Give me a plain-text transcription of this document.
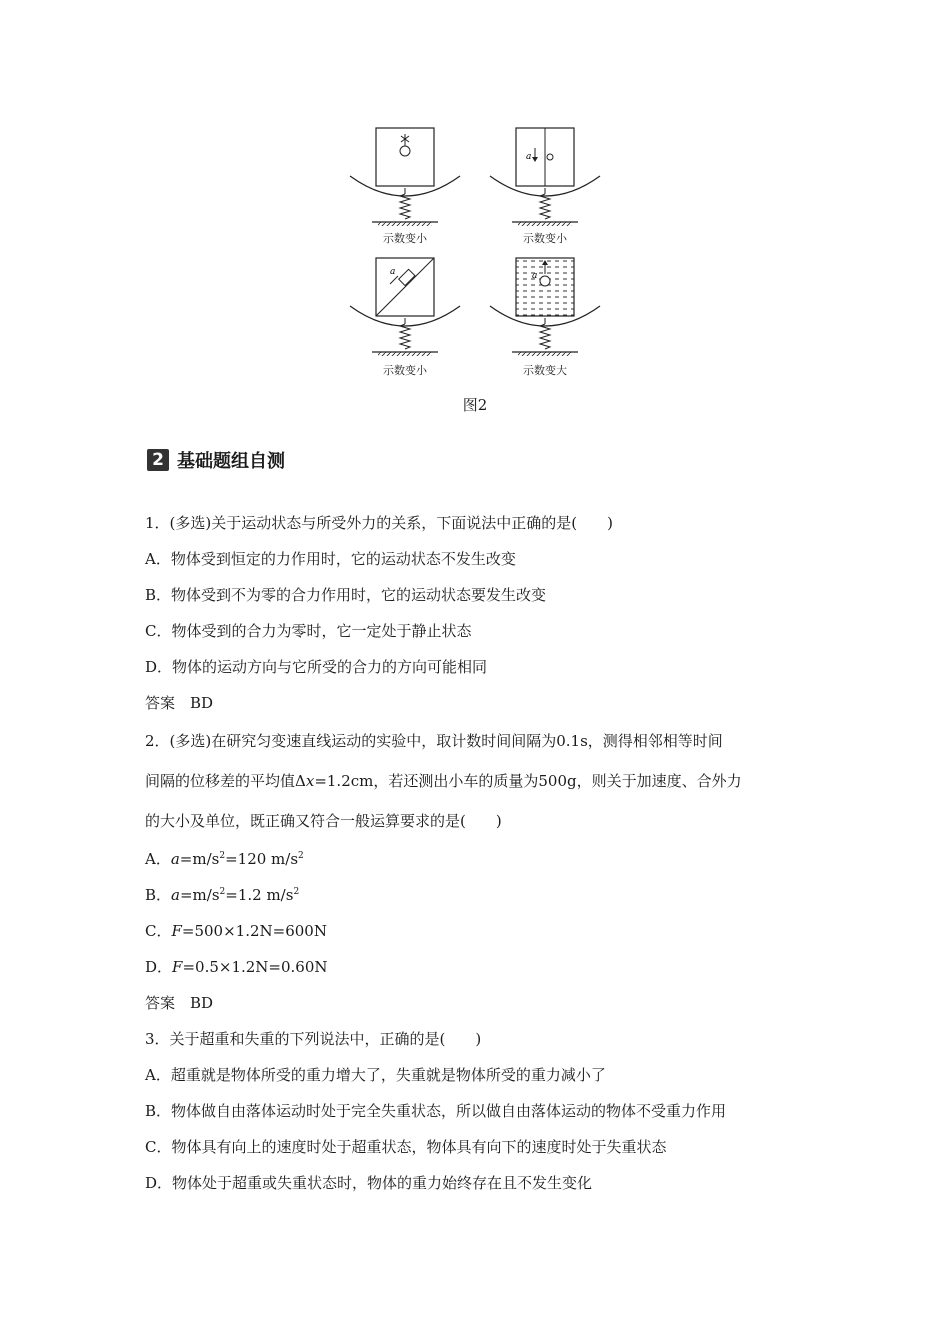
a
a	a
示数变小	示数变小
示数变小	示数变大
图2
2 基础题组自测
1．(多选)关于运动状态与所受外力的关系，下面说法中正确的是(　　)
A．物体受到恒定的力作用时，它的运动状态不发生改变
B．物体受到不为零的合力作用时，它的运动状态要发生改变
C．物体受到的合力为零时，它一定处于静止状态
D．物体的运动方向与它所受的合力的方向可能相同
答案　BD
2．(多选)在研究匀变速直线运动的实验中，取计数时间间隔为0.1s，测得相邻相等时间
间隔的位移差的平均值Δx=1.2cm，若还测出小车的质量为500g，则关于加速度、合外力
的大小及单位，既正确又符合一般运算要求的是(　　)
A．$a=m/s^2=120$ $m/s^2$
B．$a=m/s^2=1.2$ $m/s^2$
C．F=500×1.2N=600N
D．F=0.5×1.2N=0.60N
答案　BD
3．关于超重和失重的下列说法中，正确的是(　　)
A．超重就是物体所受的重力增大了，失重就是物体所受的重力减小了
B．物体做自由落体运动时处于完全失重状态，所以做自由落体运动的物体不受重力作用
C．物体具有向上的速度时处于超重状态，物体具有向下的速度时处于失重状态
D．物体处于超重或失重状态时，物体的重力始终存在且不发生变化
